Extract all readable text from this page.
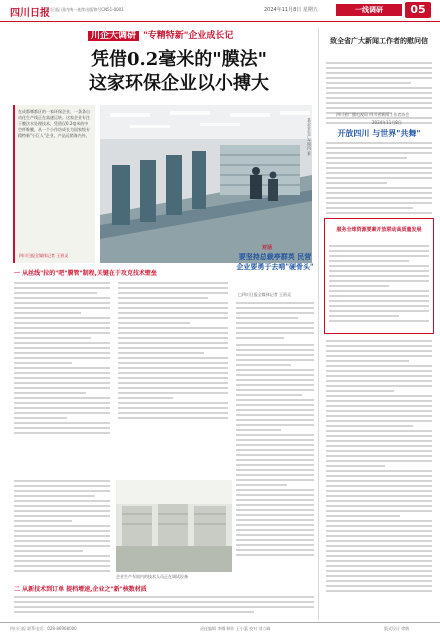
四川日报
四川日报 国内统一连续出版物号CN51-0001	2024年11月8日 星期五	一线调研	05
川企大调研 "专精特新"企业成长记
凭借0.2毫米的"膜法"
这家环保企业以小搏大

在成都郫都区的一家环保企业，一条条自动化生产线正在高速运转。这家企业专注于膜法水处理技术，凭借仅0.2毫米的中空纤维膜，从一个小作坊成长为国家级专精特新"小巨人"企业，产品远销海内外。

四川日报全媒体记者 王眉灵
某企业生产车间内 景
一 从丝线"拉的"吧"膜管"制程,关键在于攻克技术壁垒
对话
要坚持总裁亭群英 民营企业要勇于去啃"硬骨头"
□四川日报全媒体记者 王眉灵
企业生产车间内的技术人员正在调试设备
二 从新技术到订单 提档增速,企业之"新"核数材质
致全省广大新闻工作者的慰问信
四川省广播电视局 四川省新闻工作者协会
2024年11月8日
开放四川 与世界"共舞"
服务全球资源要素开放联动高质量发展
四川日报 联系电话：028-86968000	责任编辑 李娜 制作 王小惠 校对 刘立峰	版式设计 徐敏
